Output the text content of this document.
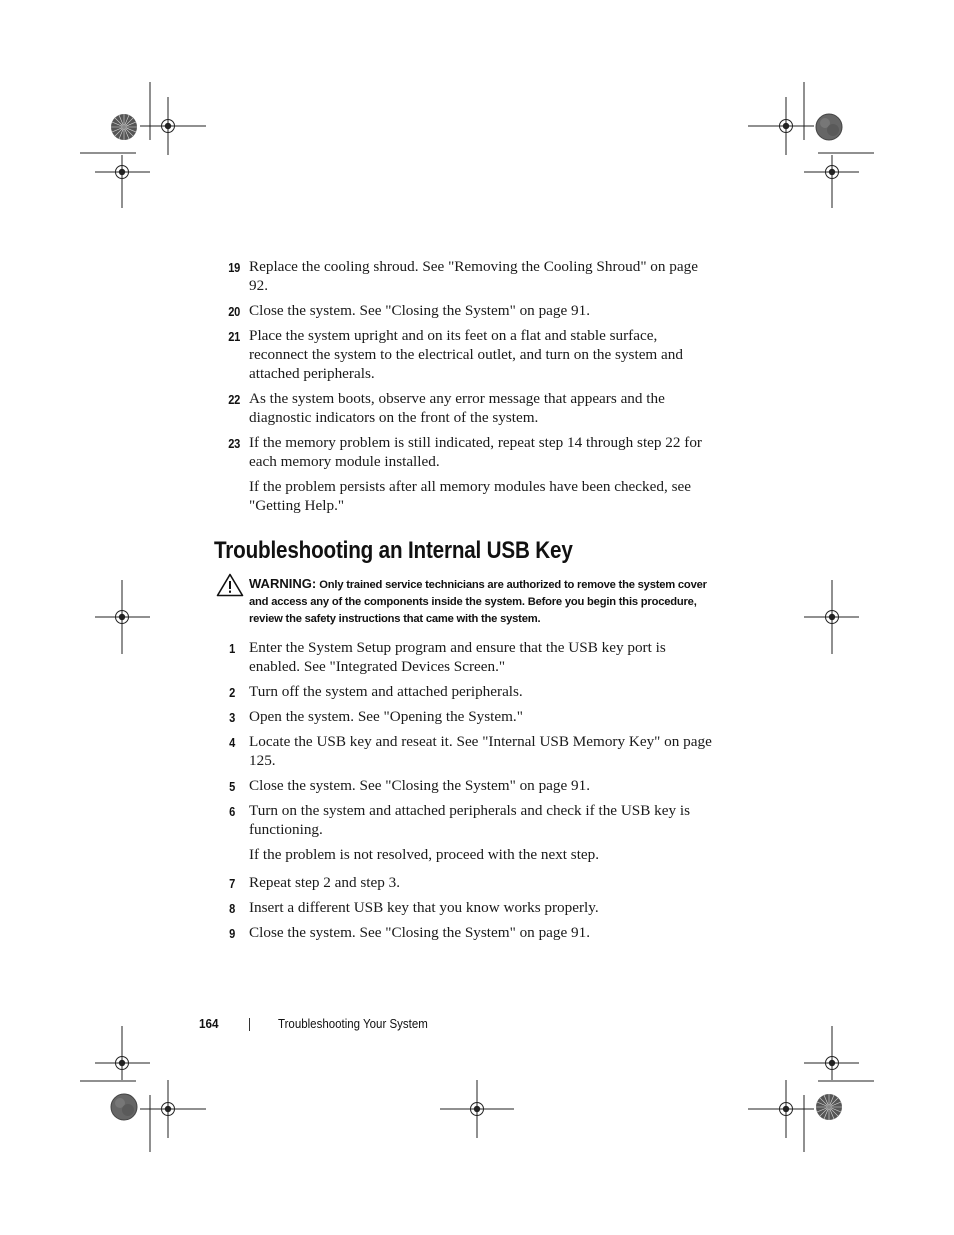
19 Replace the cooling shroud. See "Removing the Cooling Shroud" on page 92.
20 Close the system. See "Closing the System" on page 91.
21 Place the system upright and on its feet on a flat and stable surface, reconnect the system to the electrical outlet, and turn on the system and attached peripherals.
22 As the system boots, observe any error message that appears and the diagnostic indicators on the front of the system.
23 If the memory problem is still indicated, repeat step 14 through step 22 for each memory module installed.
If the problem persists after all memory modules have been checked, see "Getting Help."
Troubleshooting an Internal USB Key
WARNING: Only trained service technicians are authorized to remove the system cover and access any of the components inside the system. Before you begin this procedure, review the safety instructions that came with the system.
1 Enter the System Setup program and ensure that the USB key port is enabled. See "Integrated Devices Screen."
2 Turn off the system and attached peripherals.
3 Open the system. See "Opening the System."
4 Locate the USB key and reseat it. See "Internal USB Memory Key" on page 125.
5 Close the system. See "Closing the System" on page 91.
6 Turn on the system and attached peripherals and check if the USB key is functioning.
If the problem is not resolved, proceed with the next step.
7 Repeat step 2 and step 3.
8 Insert a different USB key that you know works properly.
9 Close the system. See "Closing the System" on page 91.
164	Troubleshooting Your System
